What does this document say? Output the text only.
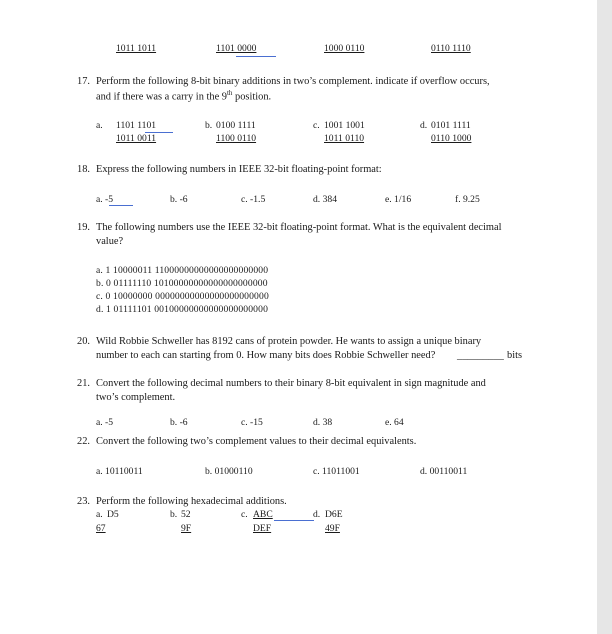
1011 1011	1101 0000	1000 0110	0110 1110
17. Perform the following 8-bit binary additions in two’s complement. indicate if overflow occurs,
and if there was a carry in the 9th position.
a. 1101 1101
1011 0011
b. 0100 1111
1100 0110
c. 1001 1001
1011 0110
d. 0101 1111
0110 1000
18. Express the following numbers in IEEE 32-bit floating-point format:
a. -5	b. -6	c. -1.5	d. 384	e. 1/16	f. 9.25
19. The following numbers use the IEEE 32-bit floating-point format. What is the equivalent decimal
value?
a. 1 10000011 11000000000000000000000
b. 0 01111110 10100000000000000000000
c. 0 10000000 00000000000000000000000
d. 1 01111101 00100000000000000000000
20. Wild Robbie Schweller has 8192 cans of protein powder. He wants to assign a unique binary
number to each can starting from 0. How many bits does Robbie Schweller need? _________ bits
21. Convert the following decimal numbers to their binary 8-bit equivalent in sign magnitude and
two’s complement.
a. -5	b. -6	c. -15	d. 38	e. 64
22. Convert the following two’s complement values to their decimal equivalents.
a. 10110011	b. 01000110	c. 11011001	d. 00110011
23. Perform the following hexadecimal additions.
a. D5
67
b. 52
9F
c. ABC
DEF
d. D6E
49F
